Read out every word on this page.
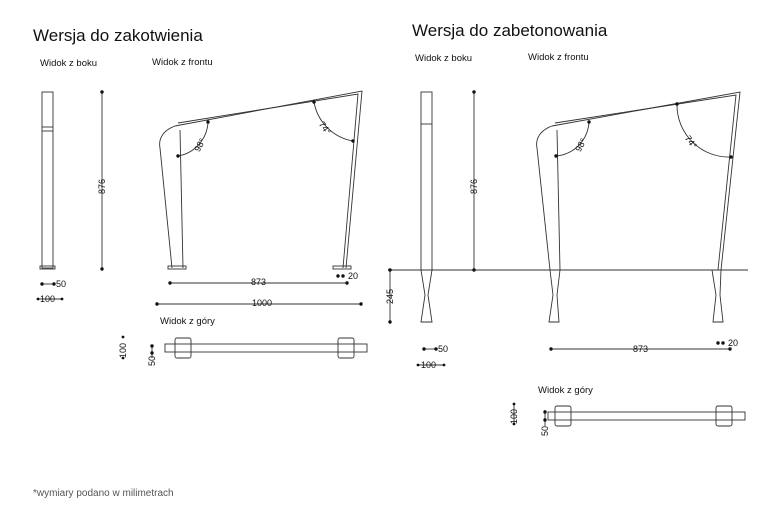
Wersja do zakotwienia
Widok z boku	Widok z frontu
Widok z góry
876
50
100
98°
74°
873
20
1000
100
50
Wersja do zabetonowania
Widok z boku	Widok z frontu
Widok z góry
876
245
50
100
98°	74°
873
20
100
50
*wymiary podano w milimetrach
